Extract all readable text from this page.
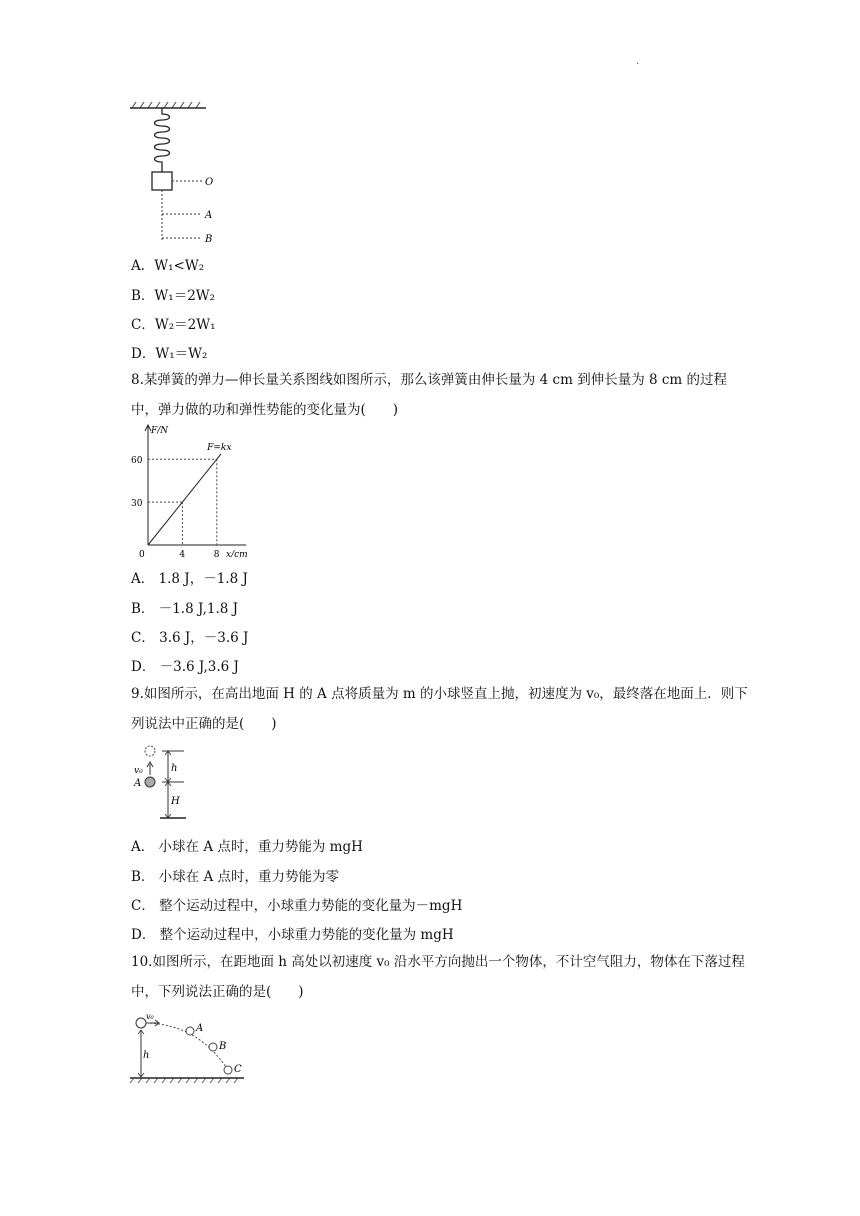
.
O
A
B
A．W₁<W₂
B．W₁＝2W₂
C．W₂＝2W₁
D．W₁＝W₂
8.某弹簧的弹力—伸长量关系图线如图所示，那么该弹簧由伸长量为 4 cm 到伸长量为 8 cm 的过程中，弹力做的功和弹性势能的变化量为(　　)
F/N
x/cm
0
F=kx
4
30
8
60
A． 1.8 J，－1.8 J
B． －1.8 J,1.8 J
C． 3.6 J，－3.6 J
D． －3.6 J,3.6 J
9.如图所示，在高出地面 H 的 A 点将质量为 m 的小球竖直上抛，初速度为 v₀，最终落在地面上．则下列说法中正确的是(　　)
v₀
A
h
H
A． 小球在 A 点时，重力势能为 mgH
B． 小球在 A 点时，重力势能为零
C． 整个运动过程中，小球重力势能的变化量为－mgH
D． 整个运动过程中，小球重力势能的变化量为 mgH
10.如图所示，在距地面 h 高处以初速度 v₀ 沿水平方向抛出一个物体，不计空气阻力，物体在下落过程中，下列说法正确的是(　　)
v₀
A
B
C
h
